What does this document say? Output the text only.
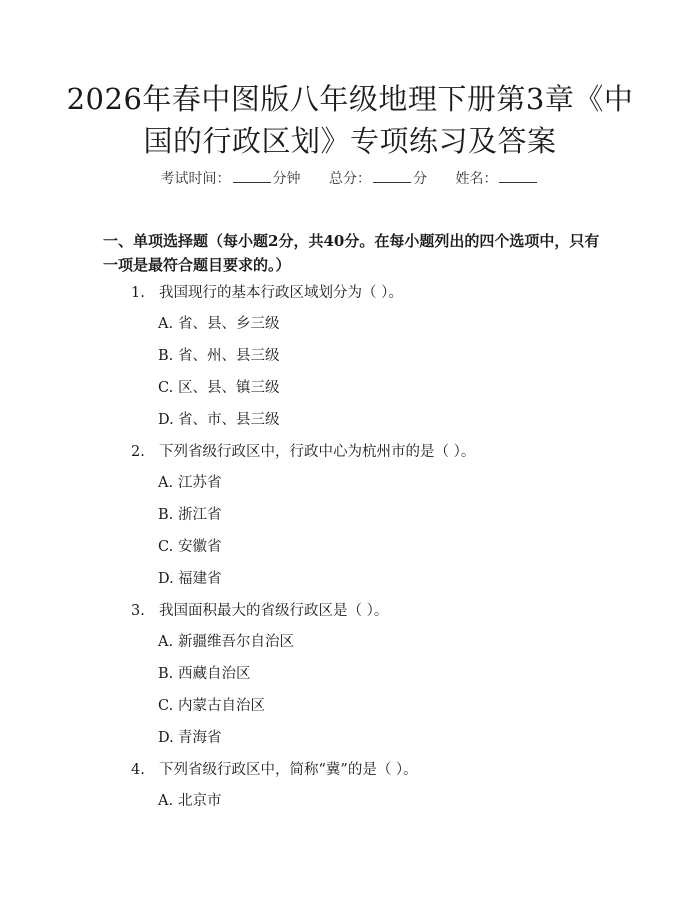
2026年春中图版八年级地理下册第3章《中国的行政区划》专项练习及答案
考试时间：	分钟 总分：	分 姓名：

一、单项选择题（每小题2分，共40分。在每小题列出的四个选项中，只有一项是最符合题目要求的。）

1. 我国现行的基本行政区域划分为（ ）。

A. 省、县、乡三级

B. 省、州、县三级

C. 区、县、镇三级

D. 省、市、县三级

2. 下列省级行政区中，行政中心为杭州市的是（ ）。

A. 江苏省

B. 浙江省

C. 安徽省

D. 福建省

3. 我国面积最大的省级行政区是（ ）。

A. 新疆维吾尔自治区

B. 西藏自治区

C. 内蒙古自治区

D. 青海省

4. 下列省级行政区中，简称“冀”的是（ ）。

A. 北京市
